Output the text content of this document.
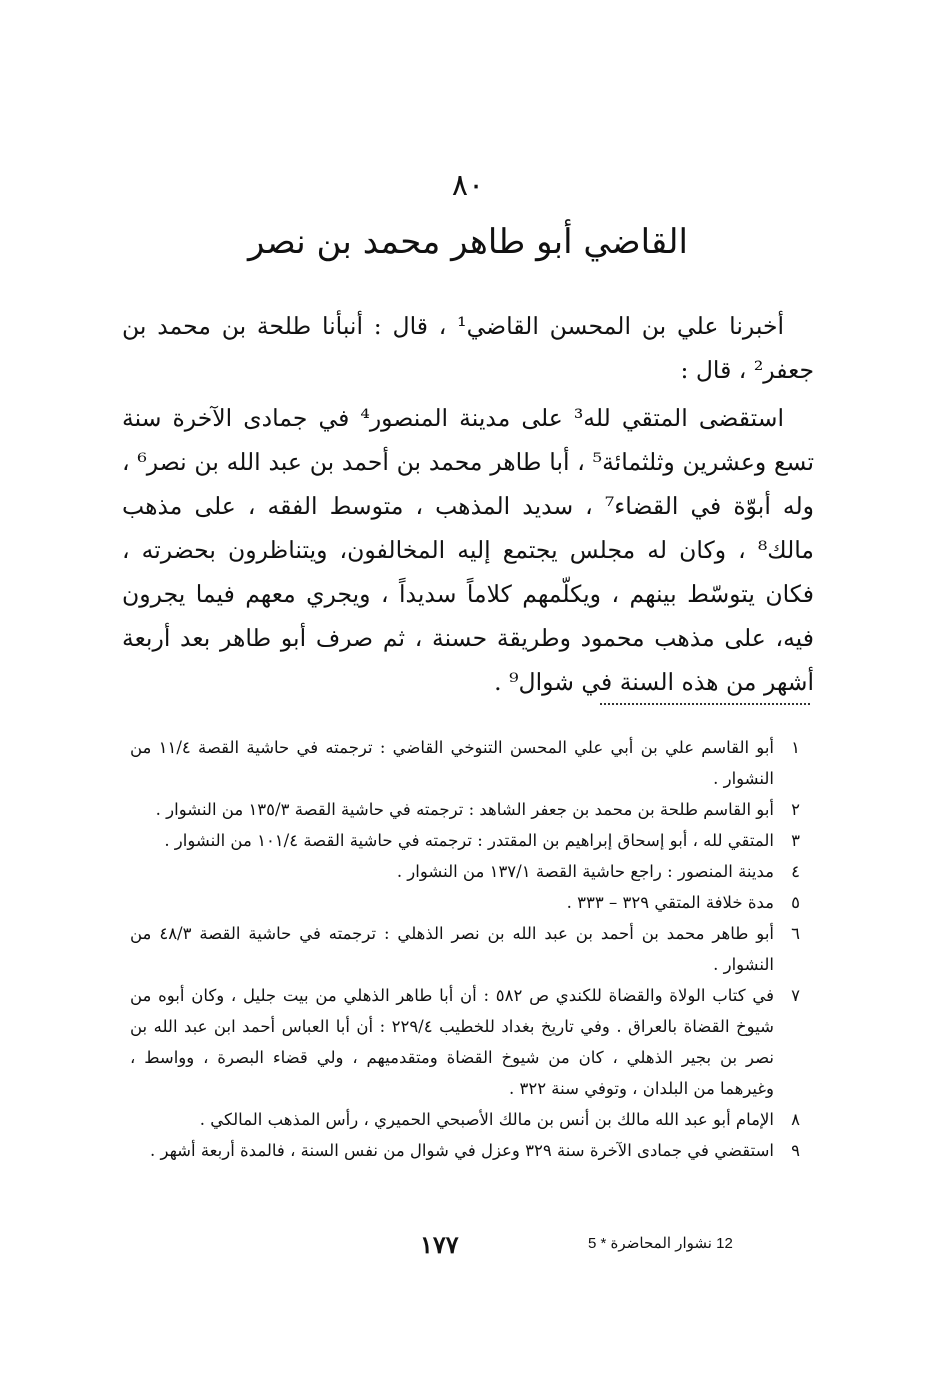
٨٠
القاضي أبو طاهر محمد بن نصر

أخبرنا علي بن المحسن القاضي¹ ، قال : أنبأنا طلحة بن محمد بن جعفر² ، قال :

استقضى المتقي لله³ على مدينة المنصور⁴ في جمادى الآخرة سنة تسع وعشرين وثلثمائة⁵ ، أبا طاهر محمد بن أحمد بن عبد الله بن نصر⁶ ، وله أبوّة في القضاء⁷ ، سديد المذهب ، متوسط الفقه ، على مذهب مالك⁸ ، وكان له مجلس يجتمع إليه المخالفون، ويتناظرون بحضرته ، فكان يتوسّط بينهم ، ويكلّمهم كلاماً سديداً ، ويجري معهم فيما يجرون فيه، على مذهب محمود وطريقة حسنة ، ثم صرف أبو طاهر بعد أربعة أشهر من هذه السنة في شوال⁹ .

١
أبو القاسم علي بن أبي علي المحسن التنوخي القاضي : ترجمته في حاشية القصة ١١/٤ من النشوار .
٢
أبو القاسم طلحة بن محمد بن جعفر الشاهد : ترجمته في حاشية القصة ١٣٥/٣ من النشوار .
٣
المتقي لله ، أبو إسحاق إبراهيم بن المقتدر : ترجمته في حاشية القصة ١٠١/٤ من النشوار .
٤
مدينة المنصور : راجع حاشية القصة ١٣٧/١ من النشوار .
٥
مدة خلافة المتقي ٣٢٩ – ٣٣٣ .
٦
أبو طاهر محمد بن أحمد بن عبد الله بن نصر الذهلي : ترجمته في حاشية القصة ٤٨/٣ من النشوار .
٧
في كتاب الولاة والقضاة للكندي ص ٥٨٢ : أن أبا طاهر الذهلي من بيت جليل ، وكان أبوه من شيوخ القضاة بالعراق . وفي تاريخ بغداد للخطيب ٢٢٩/٤ : أن أبا العباس أحمد ابن عبد الله بن نصر بن بجير الذهلي ، كان من شيوخ القضاة ومتقدميهم ، ولي قضاء البصرة ، وواسط ، وغيرهما من البلدان ، وتوفي سنة ٣٢٢ .
٨
الإمام أبو عبد الله مالك بن أنس بن مالك الأصبحي الحميري ، رأس المذهب المالكي .
٩
استقضي في جمادى الآخرة سنة ٣٢٩ وعزل في شوال من نفس السنة ، فالمدة أربعة أشهر .
١٧٧	12 نشوار المحاضرة * 5
